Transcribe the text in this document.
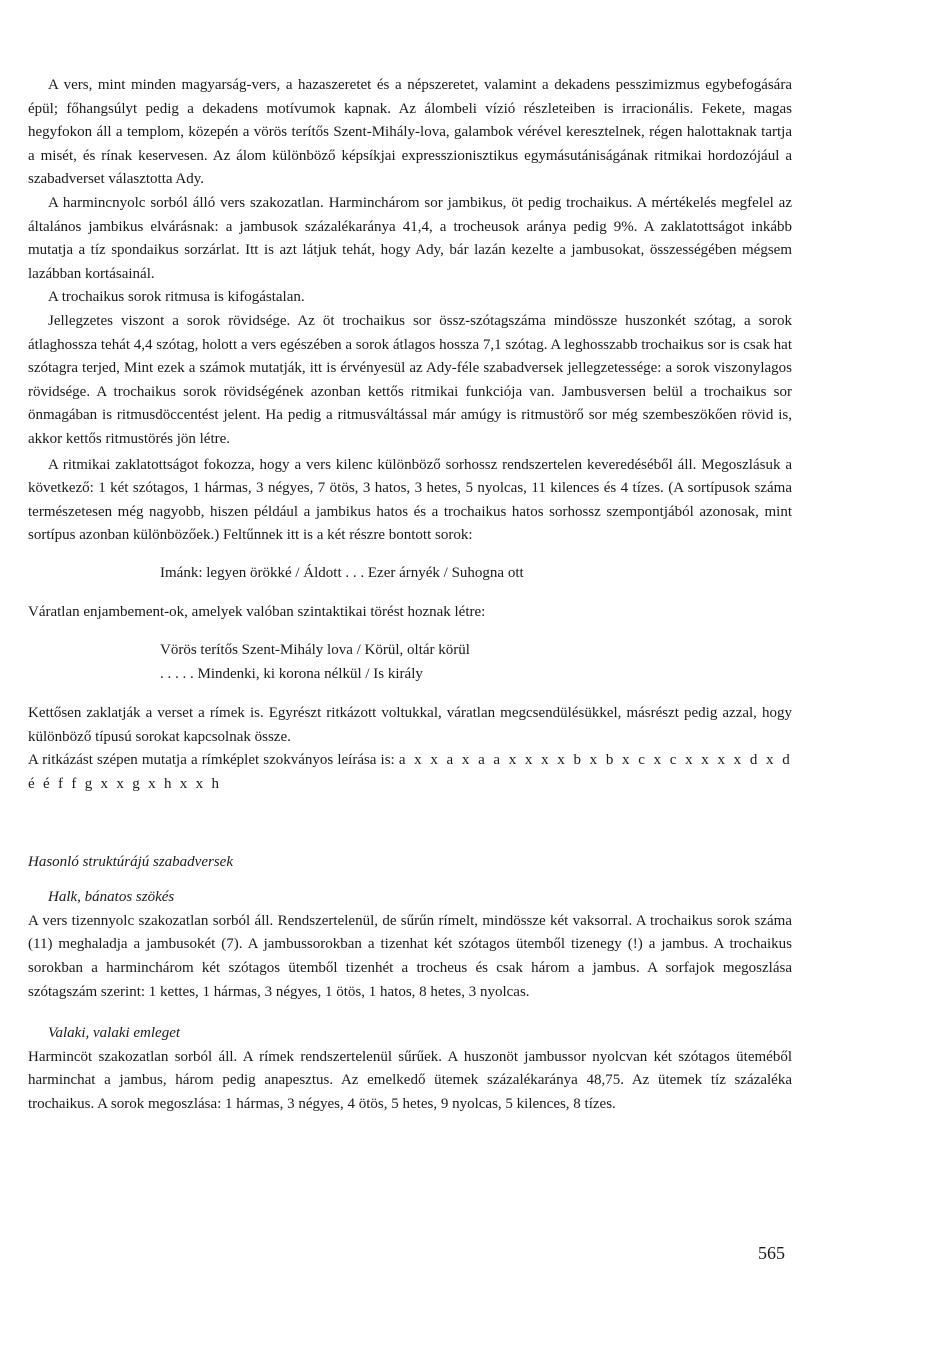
A vers, mint minden magyarság-vers, a hazaszeretet és a népszeretet, valamint a dekadens pesszimizmus egybefogására épül; főhangsúlyt pedig a dekadens motívumok kapnak. Az álombeli vízió részleteiben is irracionális. Fekete, magas hegyfokon áll a templom, közepén a vörös terítős Szent-Mihály-lova, galambok vérével keresztelnek, régen halottaknak tartja a misét, és rínak keservesen. Az álom különböző képsíkjai expresszionisztikus egymásutániságának ritmikai hordozójául a szabadverset választotta Ady.

A harmincnyolc sorból álló vers szakozatlan. Harminchárom sor jambikus, öt pedig trochaikus. A mértékelés megfelel az általános jambikus elvárásnak: a jambusok százalékaránya 41,4, a trocheusok aránya pedig 9%. A zaklatottságot inkább mutatja a tíz spondaikus sorzárlat. Itt is azt látjuk tehát, hogy Ady, bár lazán kezelte a jambusokat, összességében mégsem lazábban kortásainál.

A trochaikus sorok ritmusa is kifogástalan.

Jellegzetes viszont a sorok rövidsége. Az öt trochaikus sor össz-szótagszáma mindössze huszonkét szótag, a sorok átlaghossza tehát 4,4 szótag, holott a vers egészében a sorok átlagos hossza 7,1 szótag. A leghosszabb trochaikus sor is csak hat szótagra terjed, Mint ezek a számok mutatják, itt is érvényesül az Ady-féle szabadversek jellegzetessége: a sorok viszonylagos rövidsége. A trochaikus sorok rövidségének azonban kettős ritmikai funkciója van. Jambusversen belül a trochaikus sor önmagában is ritmusdöccentést jelent. Ha pedig a ritmusváltással már amúgy is ritmustörő sor még szembeszökően rövid is, akkor kettős ritmustörés jön létre.

A ritmikai zaklatottságot fokozza, hogy a vers kilenc különböző sorhossz rendszertelen keveredéséből áll. Megoszlásuk a következő: 1 két szótagos, 1 hármas, 3 négyes, 7 ötös, 3 hatos, 3 hetes, 5 nyolcas, 11 kilences és 4 tízes. (A sortípusok száma természetesen még nagyobb, hiszen például a jambikus hatos és a trochaikus hatos sorhossz szempontjából azonosak, mint sortípus azonban különbözőek.) Feltűnnek itt is a két részre bontott sorok:

Imánk: legyen örökké / Áldott . . . Ezer árnyék / Suhogna ott

Váratlan enjambement-ok, amelyek valóban szintaktikai törést hoznak létre:

Vörös terítős Szent-Mihály lova / Körül, oltár körül

. . . . . Mindenki, ki korona nélkül / Is király

Kettősen zaklatják a verset a rímek is. Egyrészt ritkázott voltukkal, váratlan megcsendülésükkel, másrészt pedig azzal, hogy különböző típusú sorokat kapcsolnak össze.

A ritkázást szépen mutatja a rímképlet szokványos leírása is: a x x a x a a x x x x b x b x c x c x x x x d x d é é f f g x x g x h x x h

Hasonló struktúrájú szabadversek

Halk, bánatos szökés

A vers tizennyolc szakozatlan sorból áll. Rendszertelenül, de sűrűn rímelt, mindössze két vaksorral. A trochaikus sorok száma (11) meghaladja a jambusokét (7). A jambussorokban a tizenhat két szótagos ütemből tizenegy (!) a jambus. A trochaikus sorokban a harminchárom két szótagos ütemből tizenhét a trocheus és csak három a jambus. A sorfajok megoszlása szótagszám szerint: 1 kettes, 1 hármas, 3 négyes, 1 ötös, 1 hatos, 8 hetes, 3 nyolcas.

Valaki, valaki emleget

Harmincöt szakozatlan sorból áll. A rímek rendszertelenül sűrűek. A huszonöt jambussor nyolcvan két szótagos üteméből harminchat a jambus, három pedig anapesztus. Az emelkedő ütemek százalékaránya 48,75. Az ütemek tíz százaléka trochaikus. A sorok megoszlása: 1 hármas, 3 négyes, 4 ötös, 5 hetes, 9 nyolcas, 5 kilences, 8 tízes.

565
